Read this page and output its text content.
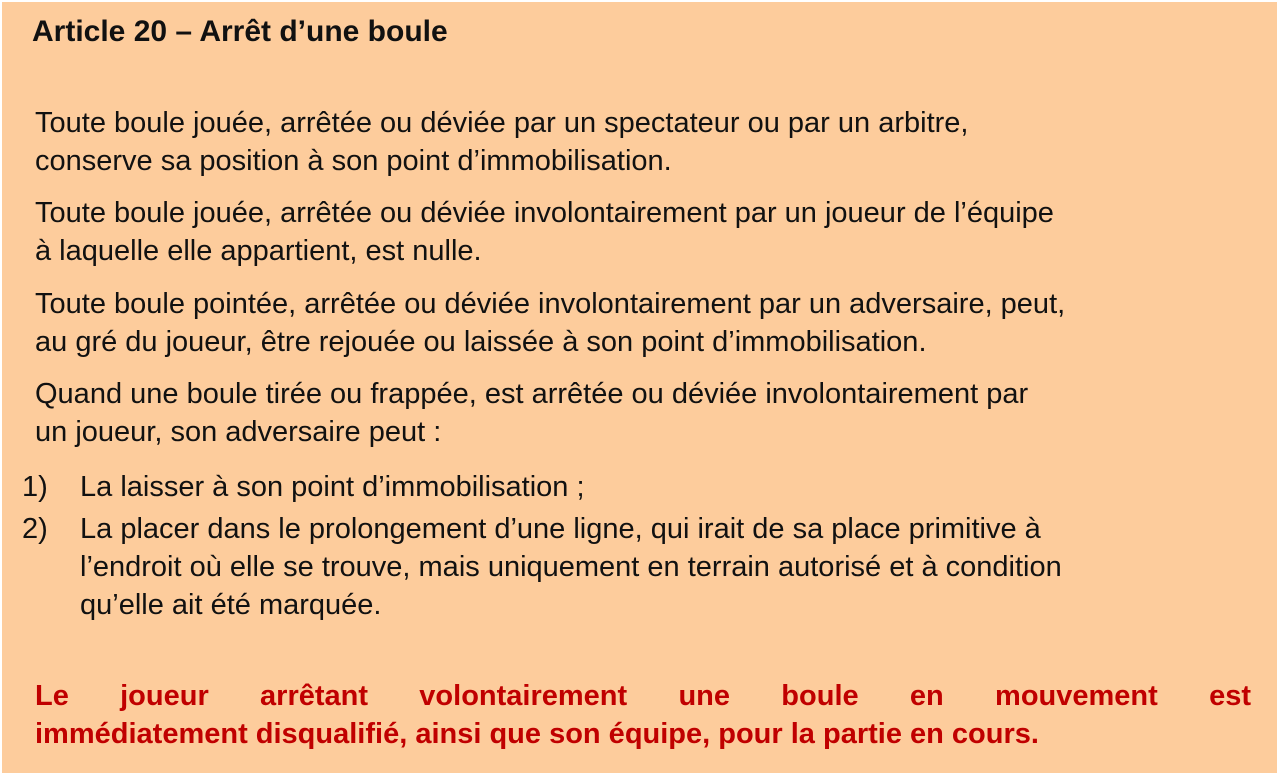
Article 20 – Arrêt d’une boule

Toute boule jouée, arrêtée ou déviée par un spectateur ou par un arbitre,
conserve sa position à son point d’immobilisation.

Toute boule jouée, arrêtée ou déviée involontairement par un joueur de l’équipe
à laquelle elle appartient, est nulle.

Toute boule pointée, arrêtée ou déviée involontairement par un adversaire, peut,
au gré du joueur, être rejouée ou laissée à son point d’immobilisation.

Quand une boule tirée ou frappée, est arrêtée ou déviée involontairement par
un joueur, son adversaire peut :

1) La laisser à son point d’immobilisation ;
2) La placer dans le prolongement d’une ligne, qui irait de sa place primitive à
l’endroit où elle se trouve, mais uniquement en terrain autorisé et à condition
qu’elle ait été marquée.

Le joueur arrêtant volontairement une boule en mouvement est
immédiatement disqualifié, ainsi que son équipe, pour la partie en cours.
